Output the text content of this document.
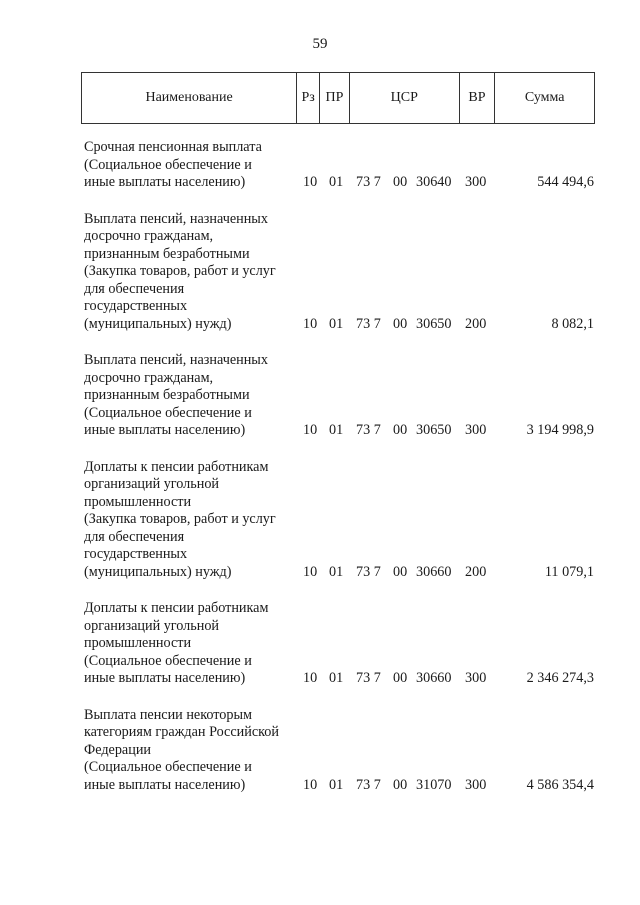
59
Наименование	Рз ПР	ЦСР	ВР	Сумма
Срочная пенсионная выплата
(Социальное обеспечение и
иные выплаты населению)	10 01 73 7 00 30640 300	544 494,6
Выплата пенсий, назначенных
досрочно гражданам,
признанным безработными
(Закупка товаров, работ и услуг
для обеспечения
государственных
(муниципальных) нужд)	10 01 73 7 00 30650 200	8 082,1
Выплата пенсий, назначенных
досрочно гражданам,
признанным безработными
(Социальное обеспечение и
иные выплаты населению)	10 01 73 7 00 30650 300	3 194 998,9
Доплаты к пенсии работникам
организаций угольной
промышленности
(Закупка товаров, работ и услуг
для обеспечения
государственных
(муниципальных) нужд)	10 01 73 7 00 30660 200	11 079,1
Доплаты к пенсии работникам
организаций угольной
промышленности
(Социальное обеспечение и
иные выплаты населению)	10 01 73 7 00 30660 300	2 346 274,3
Выплата пенсии некоторым
категориям граждан Российской
Федерации
(Социальное обеспечение и
иные выплаты населению)	10 01 73 7 00 31070 300	4 586 354,4
